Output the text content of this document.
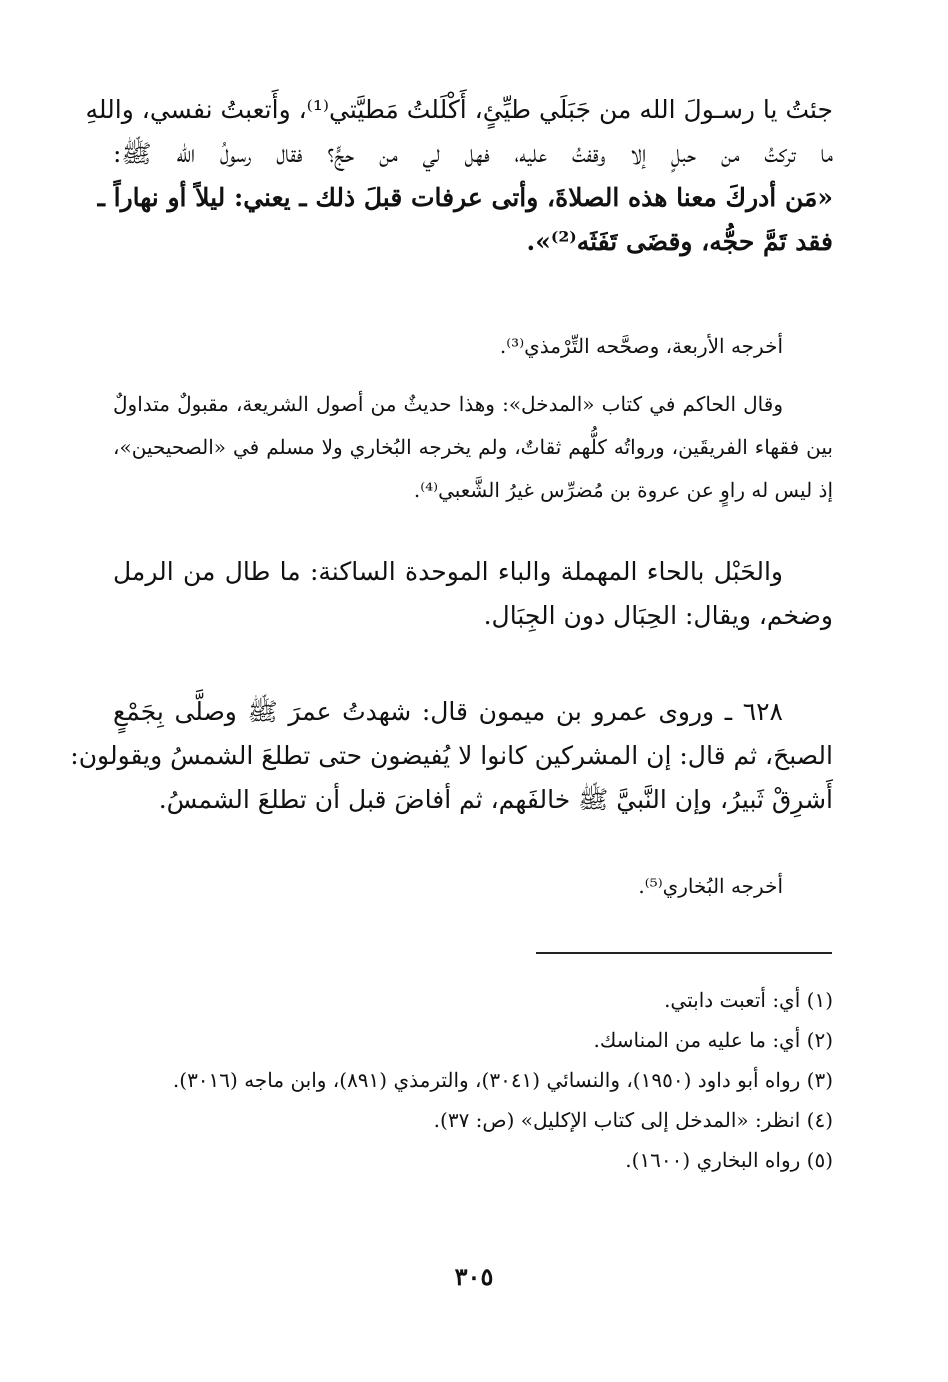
جئتُ يا رسـولَ الله من جَبَلَي طيِّئٍ، أَكْلَلتُ مَطيَّتي⁽¹⁾، وأَتعبتُ نفسي، واللهِ
ما تركتُ من حبلٍ إلا وقفتُ عليه، فهل لي من حجٍّ؟ فقال رسولُ الله ﷺ:
«مَن أدركَ معنا هذه الصلاةَ، وأتى عرفات قبلَ ذلك ـ يعني: ليلاً أو نهاراً ـ
فقد تَمَّ حجُّه، وقضَى تَفَثَه⁽²⁾».
أخرجه الأربعة، وصحَّحه التِّرْمذي⁽³⁾.
وقال الحاكم في كتاب «المدخل»: وهذا حديثٌ من أصول الشريعة، مقبولٌ متداولٌ
بين فقهاء الفريقَين، ورواتُه كلُّهم ثقاتٌ، ولم يخرجه البُخاري ولا مسلم في «الصحيحين»،
إذ ليس له راوٍ عن عروة بن مُضرِّس غيرُ الشَّعبي⁽⁴⁾.
والحَبْل بالحاء المهملة والباء الموحدة الساكنة: ما طال من الرمل
وضخم، ويقال: الحِبَال دون الجِبَال.
٦٢٨ ـ وروى عمرو بن ميمون قال: شهدتُ عمرَ ﷺ وصلَّى بِجَمْعٍ
الصبحَ، ثم قال: إن المشركين كانوا لا يُفيضون حتى تطلعَ الشمسُ ويقولون:
أَشرِقْ ثَبيرُ، وإن النَّبيَّ ﷺ خالفَهم، ثم أفاضَ قبل أن تطلعَ الشمسُ.
أخرجه البُخاري⁽⁵⁾.
(١) أي: أتعبت دابتي.
(٢) أي: ما عليه من المناسك.
(٣) رواه أبو داود (١٩٥٠)، والنسائي (٣٠٤١)، والترمذي (٨٩١)، وابن ماجه (٣٠١٦).
(٤) انظر: «المدخل إلى كتاب الإكليل» (ص: ٣٧).
(٥) رواه البخاري (١٦٠٠).
٣٠٥
